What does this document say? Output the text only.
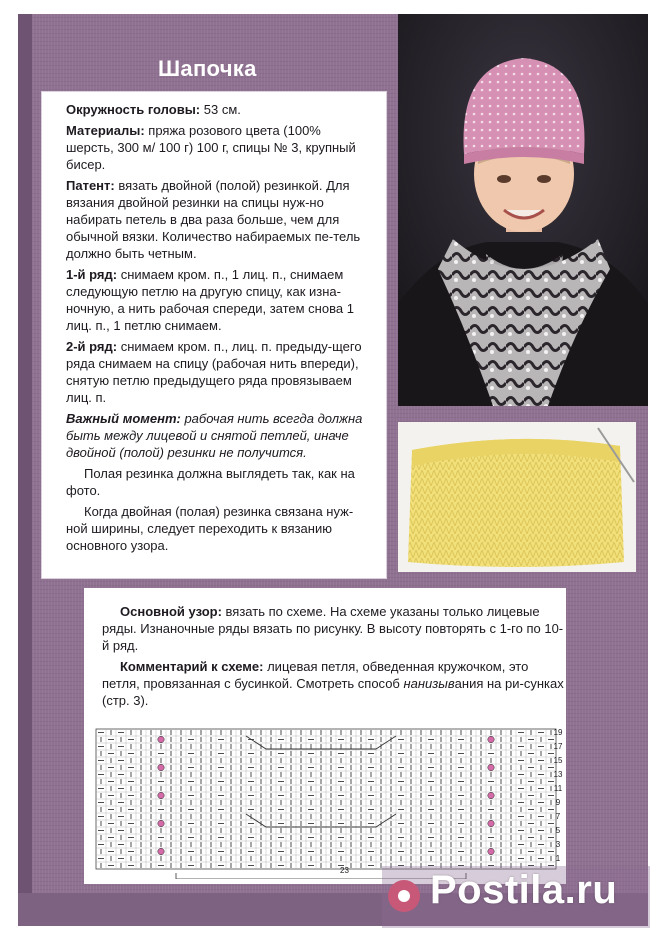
Шапочка

Окружность головы: 53 см.

Материалы: пряжа розового цвета (100% шерсть, 300 м/ 100 г) 100 г, спицы № 3, крупный бисер.

Патент: вязать двойной (полой) резинкой. Для вязания двойной резинки на спицы нуж-но набирать петель в два раза больше, чем для обычной вязки. Количество набираемых пе-тель должно быть четным.

1-й ряд: снимаем кром. п., 1 лиц. п., снимаем следующую петлю на другую спицу, как изна-ночную, а нить рабочая спереди, затем снова 1 лиц. п., 1 петлю снимаем.

2-й ряд: снимаем кром. п., лиц. п. предыду-щего ряда снимаем на спицу (рабочая нить впереди), снятую петлю предыдущего ряда провязываем лиц. п.

Важный момент: рабочая нить всегда должна быть между лицевой и снятой петлей, иначе двойной (полой) резинки не получится.

Полая резинка должна выглядеть так, как на фото.

Когда двойная (полая) резинка связана нуж-ной ширины, следует переходить к вязанию основного узора.

Основной узор: вязать по схеме. На схеме указаны только лицевые ряды. Изнаночные ряды вязать по рисунку. В высоту повторять с 1-го по 10-й ряд.

Комментарий к схеме: лицевая петля, обведенная кружочком, это петля, провязанная с бусинкой. Смотреть способ нанизывания на ри-сунках (стр. 3).

19
17
15
13
11
9
7
5
3
1
23 Postila.ru
